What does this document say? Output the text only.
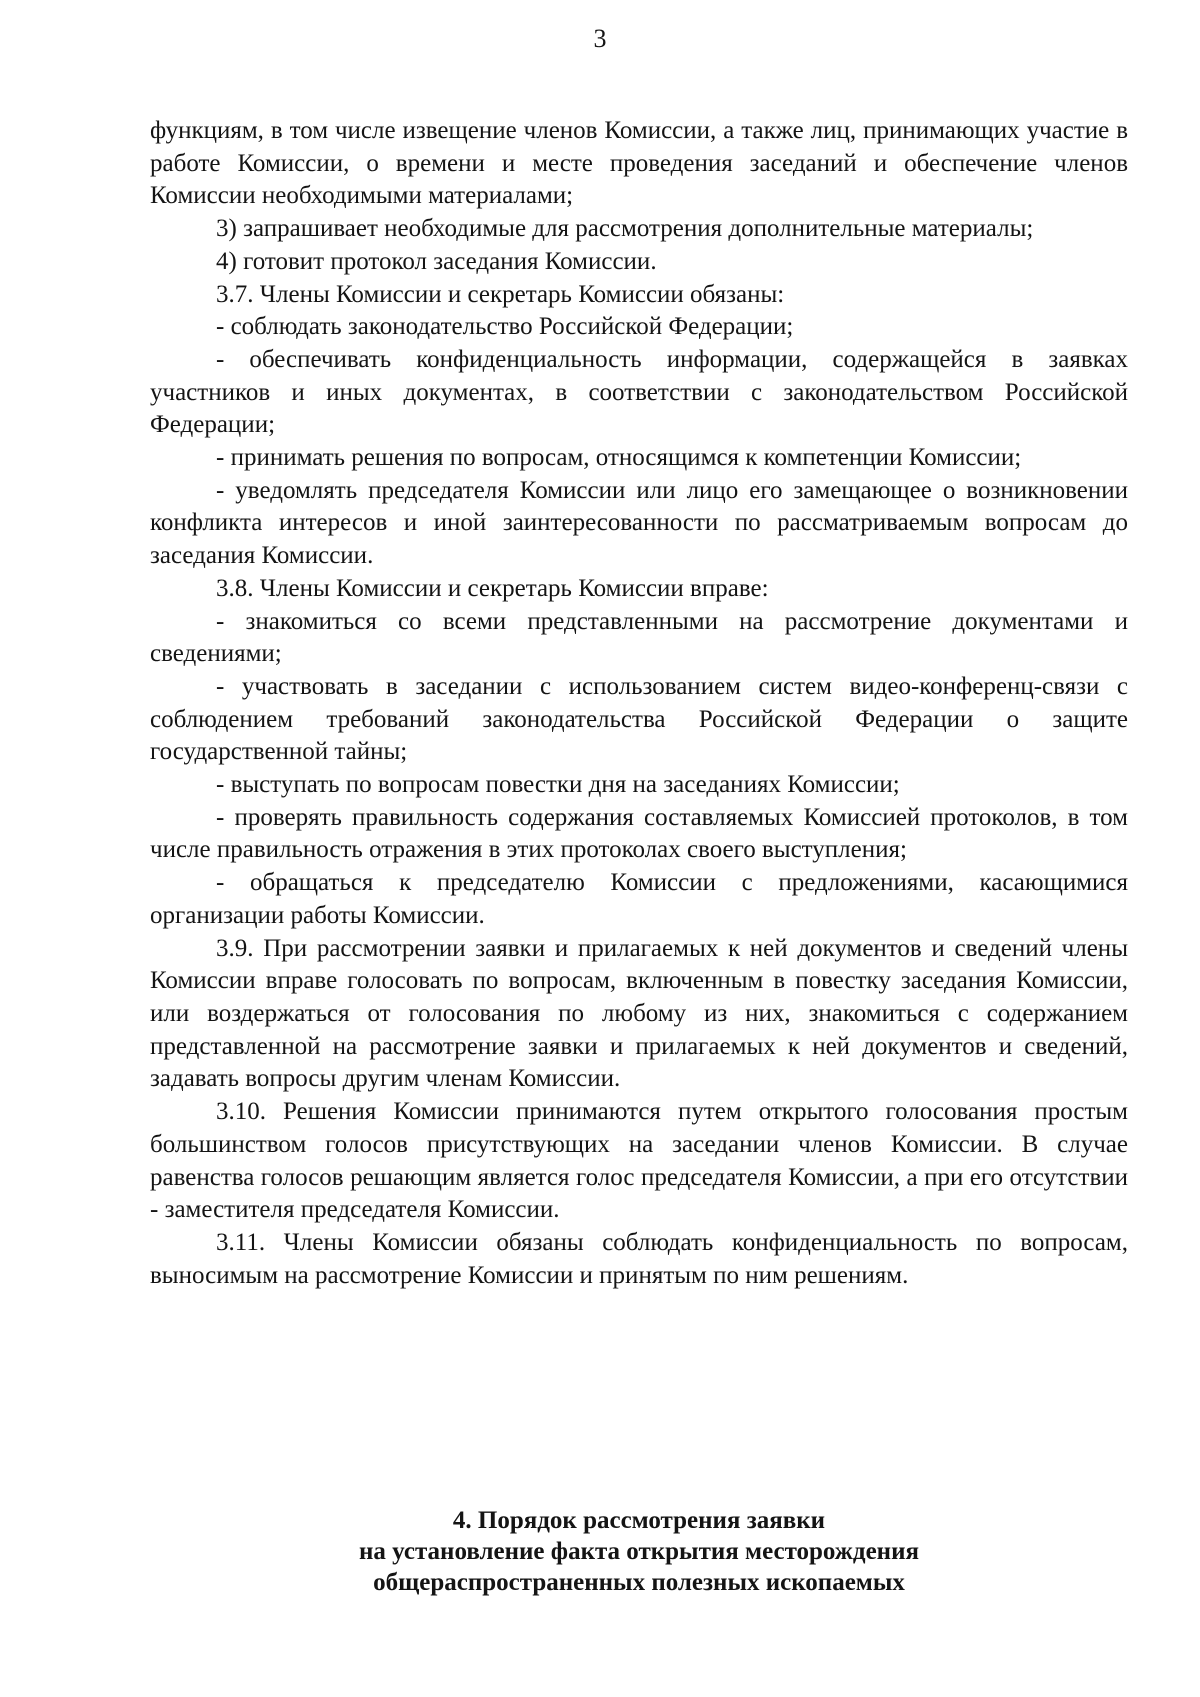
3

функциям, в том числе извещение членов Комиссии, а также лиц, принимающих участие в работе Комиссии, о времени и месте проведения заседаний и обеспечение членов Комиссии необходимыми материалами;

3) запрашивает необходимые для рассмотрения дополнительные материалы;

4) готовит протокол заседания Комиссии.

3.7. Члены Комиссии и секретарь Комиссии обязаны:

- соблюдать законодательство Российской Федерации;

- обеспечивать конфиденциальность информации, содержащейся в заявках участников и иных документах, в соответствии с законодательством Российской Федерации;

- принимать решения по вопросам, относящимся к компетенции Комиссии;

- уведомлять председателя Комиссии или лицо его замещающее о возникновении конфликта интересов и иной заинтересованности по рассматриваемым вопросам до заседания Комиссии.

3.8. Члены Комиссии и секретарь Комиссии вправе:

- знакомиться со всеми представленными на рассмотрение документами и сведениями;

- участвовать в заседании с использованием систем видео-конференц-связи с соблюдением требований законодательства Российской Федерации о защите государственной тайны;

- выступать по вопросам повестки дня на заседаниях Комиссии;

- проверять правильность содержания составляемых Комиссией протоколов, в том числе правильность отражения в этих протоколах своего выступления;

- обращаться к председателю Комиссии с предложениями, касающимися организации работы Комиссии.

3.9. При рассмотрении заявки и прилагаемых к ней документов и сведений члены Комиссии вправе голосовать по вопросам, включенным в повестку заседания Комиссии, или воздержаться от голосования по любому из них, знакомиться с содержанием представленной на рассмотрение заявки и прилагаемых к ней документов и сведений, задавать вопросы другим членам Комиссии.

3.10. Решения Комиссии принимаются путем открытого голосования простым большинством голосов присутствующих на заседании членов Комиссии. В случае равенства голосов решающим является голос председателя Комиссии, а при его отсутствии - заместителя председателя Комиссии.

3.11. Члены Комиссии обязаны соблюдать конфиденциальность по вопросам, выносимым на рассмотрение Комиссии и принятым по ним решениям.

4. Порядок рассмотрения заявки
на установление факта открытия месторождения
общераспространенных полезных ископаемых
